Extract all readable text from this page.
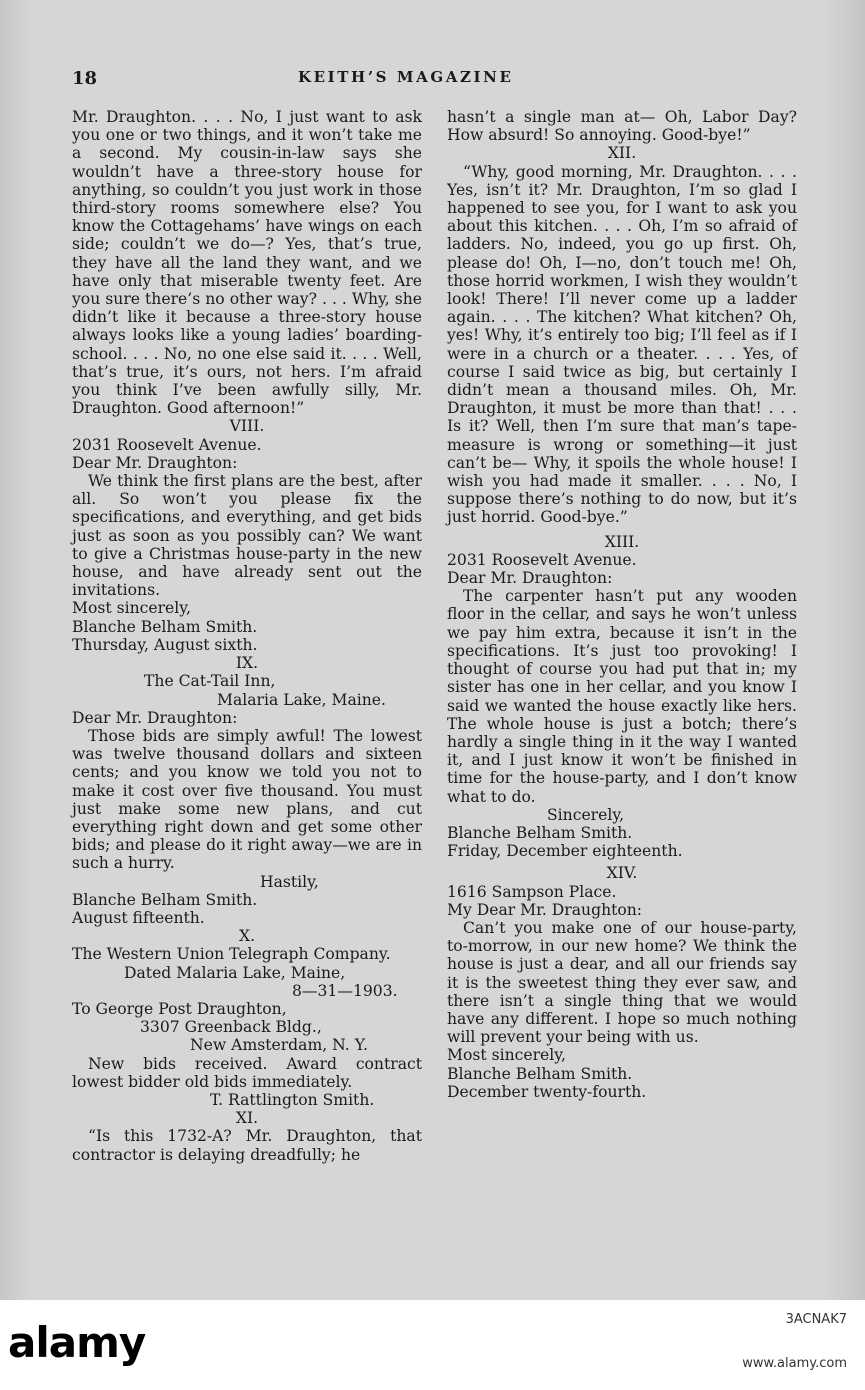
18	KEITH’S MAGAZINE

Mr. Draughton. . . . No, I just want to ask you one or two things, and it won’t take me a second. My cousin-in-law says she wouldn’t have a three-story house for anything, so couldn’t you just work in those third-story rooms somewhere else? You know the Cottagehams’ have wings on each side; couldn’t we do—? Yes, that’s true, they have all the land they want, and we have only that miserable twenty feet. Are you sure there’s no other way? . . . Why, she didn’t like it because a three-story house always looks like a young ladies’ boarding-school. . . . No, no one else said it. . . . Well, that’s true, it’s ours, not hers. I’m afraid you think I’ve been awfully silly, Mr. Draughton. Good afternoon!”

VIII.

2031 Roosevelt Avenue.

Dear Mr. Draughton:

We think the first plans are the best, after all. So won’t you please fix the specifications, and everything, and get bids just as soon as you possibly can? We want to give a Christmas house-party in the new house, and have already sent out the invitations.

Most sincerely,

Blanche Belham Smith.

Thursday, August sixth.

IX.

The Cat-Tail Inn,

Malaria Lake, Maine.

Dear Mr. Draughton:

Those bids are simply awful! The lowest was twelve thousand dollars and sixteen cents; and you know we told you not to make it cost over five thousand. You must just make some new plans, and cut everything right down and get some other bids; and please do it right away—we are in such a hurry.

Hastily,

Blanche Belham Smith.

August fifteenth.

X.

The Western Union Telegraph Company.

Dated Malaria Lake, Maine,

8—31—1903.

To George Post Draughton,

3307 Greenback Bldg.,

New Amsterdam, N. Y.

New bids received. Award contract lowest bidder old bids immediately.

T. Rattlington Smith.

XI.

“Is this 1732-A? Mr. Draughton, that contractor is delaying dreadfully; he

hasn’t a single man at— Oh, Labor Day? How absurd! So annoying. Good-bye!”

XII.

“Why, good morning, Mr. Draughton. . . . Yes, isn’t it? Mr. Draughton, I’m so glad I happened to see you, for I want to ask you about this kitchen. . . . Oh, I’m so afraid of ladders. No, indeed, you go up first. Oh, please do! Oh, I—no, don’t touch me! Oh, those horrid workmen, I wish they wouldn’t look! There! I’ll never come up a ladder again. . . . The kitchen? What kitchen? Oh, yes! Why, it’s entirely too big; I’ll feel as if I were in a church or a theater. . . . Yes, of course I said twice as big, but certainly I didn’t mean a thousand miles. Oh, Mr. Draughton, it must be more than that! . . . Is it? Well, then I’m sure that man’s tape-measure is wrong or something—it just can’t be— Why, it spoils the whole house! I wish you had made it smaller. . . . No, I suppose there’s nothing to do now, but it’s just horrid. Good-bye.”

XIII.

2031 Roosevelt Avenue.

Dear Mr. Draughton:

The carpenter hasn’t put any wooden floor in the cellar, and says he won’t unless we pay him extra, because it isn’t in the specifications. It’s just too provoking! I thought of course you had put that in; my sister has one in her cellar, and you know I said we wanted the house exactly like hers. The whole house is just a botch; there’s hardly a single thing in it the way I wanted it, and I just know it won’t be finished in time for the house-party, and I don’t know what to do.

Sincerely,

Blanche Belham Smith.

Friday, December eighteenth.

XIV.

1616 Sampson Place.

My Dear Mr. Draughton:

Can’t you make one of our house-party, to-morrow, in our new home? We think the house is just a dear, and all our friends say it is the sweetest thing they ever saw, and there isn’t a single thing that we would have any different. I hope so much nothing will prevent your being with us.

Most sincerely,

Blanche Belham Smith.

December twenty-fourth.

alamy	3ACNAK7
www.alamy.com
